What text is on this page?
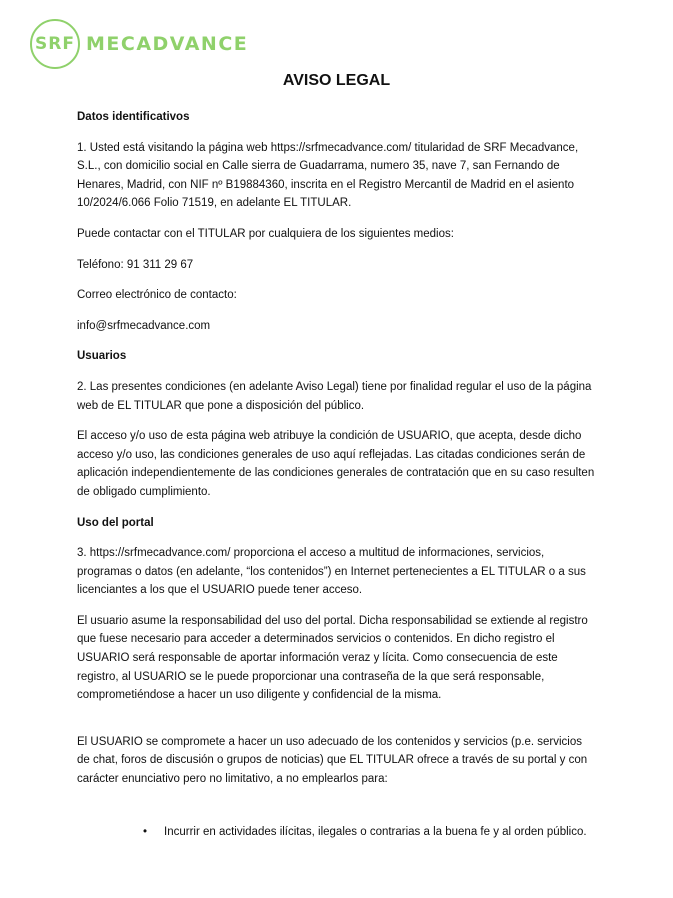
SRF MECADVANCE
AVISO LEGAL

Datos identificativos

1. Usted está visitando la página web https://srfmecadvance.com/ titularidad de SRF Mecadvance, S.L., con domicilio social en Calle sierra de Guadarrama, numero 35, nave 7, san Fernando de Henares, Madrid, con NIF nº B19884360, inscrita en el Registro Mercantil de Madrid en el asiento 10/2024/6.066 Folio 71519, en adelante EL TITULAR.

Puede contactar con el TITULAR por cualquiera de los siguientes medios:

Teléfono: 91 311 29 67

Correo electrónico de contacto:

info@srfmecadvance.com

Usuarios

2. Las presentes condiciones (en adelante Aviso Legal) tiene por finalidad regular el uso de la página web de EL TITULAR que pone a disposición del público.

El acceso y/o uso de esta página web atribuye la condición de USUARIO, que acepta, desde dicho acceso y/o uso, las condiciones generales de uso aquí reflejadas. Las citadas condiciones serán de aplicación independientemente de las condiciones generales de contratación que en su caso resulten de obligado cumplimiento.

Uso del portal

3. https://srfmecadvance.com/ proporciona el acceso a multitud de informaciones, servicios, programas o datos (en adelante, “los contenidos”) en Internet pertenecientes a EL TITULAR o a sus licenciantes a los que el USUARIO puede tener acceso.

El usuario asume la responsabilidad del uso del portal. Dicha responsabilidad se extiende al registro que fuese necesario para acceder a determinados servicios o contenidos. En dicho registro el USUARIO será responsable de aportar información veraz y lícita. Como consecuencia de este registro, al USUARIO se le puede proporcionar una contraseña de la que será responsable, comprometiéndose a hacer un uso diligente y confidencial de la misma.

El USUARIO se compromete a hacer un uso adecuado de los contenidos y servicios (p.e. servicios de chat, foros de discusión o grupos de noticias) que EL TITULAR ofrece a través de su portal y con carácter enunciativo pero no limitativo, a no emplearlos para:

• Incurrir en actividades ilícitas, ilegales o contrarias a la buena fe y al orden público.
